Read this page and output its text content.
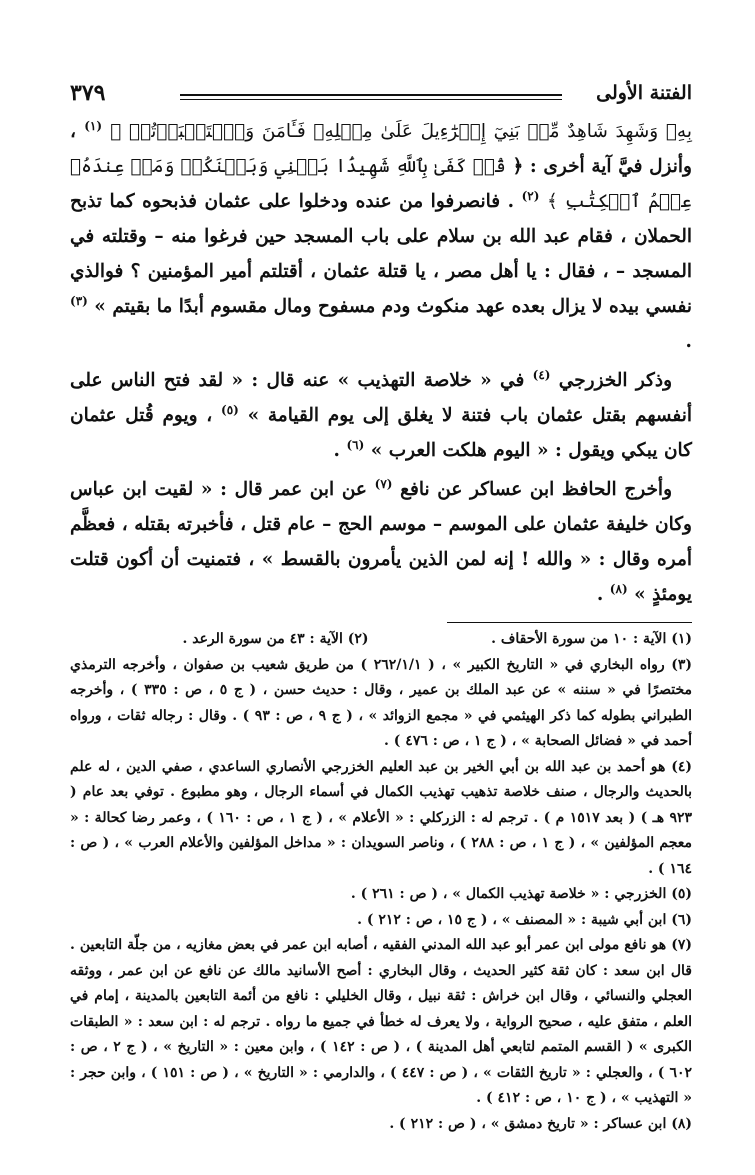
الفتنة الأولى
٣٧٩

بِهِۦ وَشَهِدَ شَاهِدٌ مِّنۢ بَنِيٓ إِسۡرَٰٓءِيلَ عَلَىٰ مِثۡلِهِۦ فَـَٔامَنَ وَٱسۡتَكۡبَرۡتُمۡ ﴾ $^{(١)}$ ، وأنزل فيَّ آية أخرى : ﴿ قُلۡ كَفَىٰ بِٱللَّهِ شَهِيدَۢا بَيۡنِي وَبَيۡنَكُمۡ وَمَنۡ عِندَهُۥ عِلۡمُ ٱلۡكِتَٰبِ ﴾ $^{(٢)}$ . فانصرفوا من عنده ودخلوا على عثمان فذبحوه كما تذبح الحملان ، فقام عبد الله بن سلام على باب المسجد حين فرغوا منه – وقتلته في المسجد – ، فقال : يا أهل مصر ، يا قتلة عثمان ، أقتلتم أمير المؤمنين ؟ فوالذي نفسي بيده لا يزال بعده عهد منكوث ودم مسفوح ومال مقسوم أبدًا ما بقيتم » $^{(٣)}$ .

وذكر الخزرجي $^{(٤)}$ في « خلاصة التهذيب » عنه قال : « لقد فتح الناس على أنفسهم بقتل عثمان باب فتنة لا يغلق إلى يوم القيامة » $^{(٥)}$ ، ويوم قُتل عثمان كان يبكي ويقول : « اليوم هلكت العرب » $^{(٦)}$ .

وأخرج الحافظ ابن عساكر عن نافع $^{(٧)}$ عن ابن عمر قال : « لقيت ابن عباس وكان خليفة عثمان على الموسم – موسم الحج – عام قتل ، فأخبرته بقتله ، فعظَّم أمره وقال : « والله ! إنه لمن الذين يأمرون بالقسط » ، فتمنيت أن أكون قتلت يومئذٍ » $^{(٨)}$ .

(١) الآية : ١٠ من سورة الأحقاف .

(٢) الآية : ٤٣ من سورة الرعد .

(٣) رواه البخاري في « التاريخ الكبير » ، ( ٢٦٢/١/١ ) من طريق شعيب بن صفوان ، وأخرجه الترمذي مختصرًا في « سننه » عن عبد الملك بن عمير ، وقال : حديث حسن ، ( ج ٥ ، ص : ٣٣٥ ) ، وأخرجه الطبراني بطوله كما ذكر الهيثمي في « مجمع الزوائد » ، ( ج ٩ ، ص : ٩٣ ) . وقال : رجاله ثقات ، ورواه أحمد في « فضائل الصحابة » ، ( ج ١ ، ص : ٤٧٦ ) .

(٤) هو أحمد بن عبد الله بن أبي الخير بن عبد العليم الخزرجي الأنصاري الساعدي ، صفي الدين ، له علم بالحديث والرجال ، صنف خلاصة تذهيب تهذيب الكمال في أسماء الرجال ، وهو مطبوع . توفي بعد عام ( ٩٢٣ هـ ) ( بعد ١٥١٧ م ) . ترجم له : الزركلي : « الأعلام » ، ( ج ١ ، ص : ١٦٠ ) ، وعمر رضا كحالة : « معجم المؤلفين » ، ( ج ١ ، ص : ٢٨٨ ) ، وناصر السويدان : « مداخل المؤلفين والأعلام العرب » ، ( ص : ١٦٤ ) .

(٥) الخزرجي : « خلاصة تهذيب الكمال » ، ( ص : ٢٦١ ) .

(٦) ابن أبي شيبة : « المصنف » ، ( ج ١٥ ، ص : ٢١٢ ) .

(٧) هو نافع مولى ابن عمر أبو عبد الله المدني الفقيه ، أصابه ابن عمر في بعض مغازيه ، من جلّة التابعين . قال ابن سعد : كان ثقة كثير الحديث ، وقال البخاري : أصح الأسانيد مالك عن نافع عن ابن عمر ، ووثقه العجلي والنسائي ، وقال ابن خراش : ثقة نبيل ، وقال الخليلي : نافع من أئمة التابعين بالمدينة ، إمام في العلم ، متفق عليه ، صحيح الرواية ، ولا يعرف له خطأ في جميع ما رواه . ترجم له : ابن سعد : « الطبقات الكبرى » ( القسم المتمم لتابعي أهل المدينة ) ، ( ص : ١٤٢ ) ، وابن معين : « التاريخ » ، ( ج ٢ ، ص : ٦٠٢ ) ، والعجلي : « تاريخ الثقات » ، ( ص : ٤٤٧ ) ، والدارمي : « التاريخ » ، ( ص : ١٥١ ) ، وابن حجر : « التهذيب » ، ( ج ١٠ ، ص : ٤١٢ ) .

(٨) ابن عساكر : « تاريخ دمشق » ، ( ص : ٢١٢ ) .
